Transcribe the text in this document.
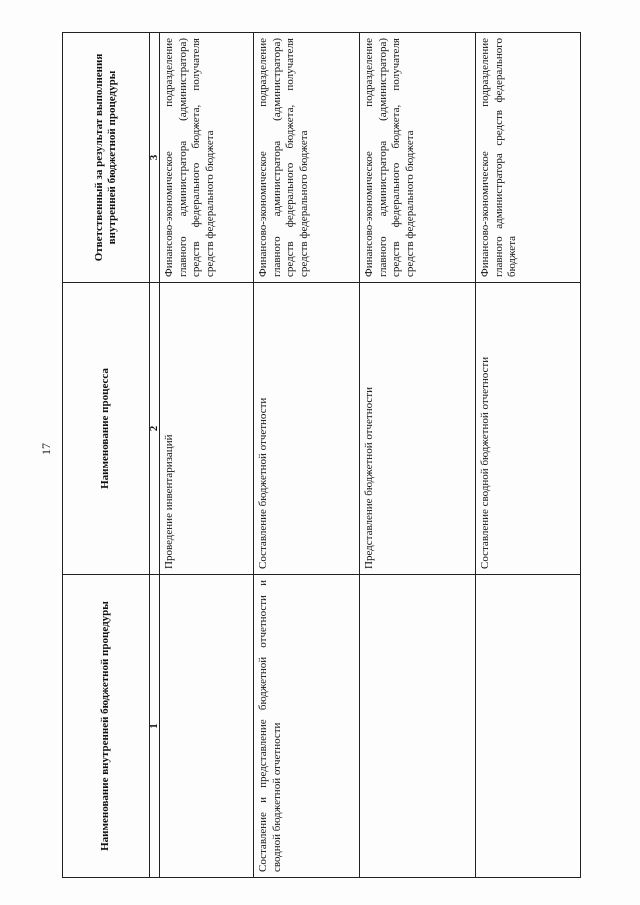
17
Наименование внутренней бюджетной процедуры	Наименование процесса	Ответственный за результат выполнения внутренней бюджетной процедуры
1	2	3
	Проведение инвентаризаций	Финансово-экономическое подразделение главного администратора (администратора) средств федерального бюджета, получателя средств федерального бюджета
Составление и представление бюджетной отчетности и сводной бюджетной отчетности	Составление бюджетной отчетности	Финансово-экономическое подразделение главного администратора (администратора) средств федерального бюджета, получателя средств федерального бюджета
	Представление бюджетной отчетности	Финансово-экономическое подразделение главного администратора (администратора) средств федерального бюджета, получателя средств федерального бюджета
	Составление сводной бюджетной отчетности	Финансово-экономическое подразделение главного администратора средств федерального бюджета
